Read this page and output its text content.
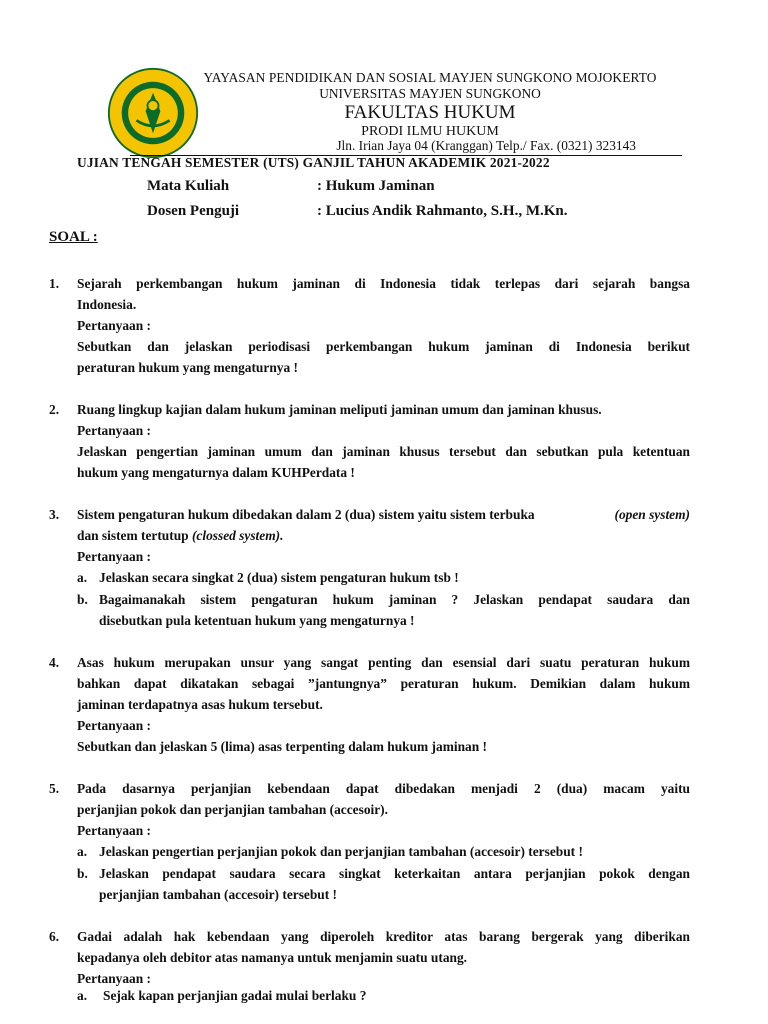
YAYASAN PENDIDIKAN DAN SOSIAL MAYJEN SUNGKONO MOJOKERTO
UNIVERSITAS MAYJEN SUNGKONO
FAKULTAS HUKUM
PRODI ILMU HUKUM
Jln. Irian Jaya 04 (Kranggan) Telp./ Fax. (0321) 323143
UJIAN TENGAH SEMESTER (UTS) GANJIL TAHUN AKADEMIK 2021-2022
Mata Kuliah	: Hukum Jaminan
Dosen Penguji	: Lucius Andik Rahmanto, S.H., M.Kn.
SOAL :
1. Sejarah perkembangan hukum jaminan di Indonesia tidak terlepas dari sejarah bangsa
Indonesia.
Pertanyaan :
Sebutkan dan jelaskan periodisasi perkembangan hukum jaminan di Indonesia berikut
peraturan hukum yang mengaturnya !
2. Ruang lingkup kajian dalam hukum jaminan meliputi jaminan umum dan jaminan khusus.
Pertanyaan :
Jelaskan pengertian jaminan umum dan jaminan khusus tersebut dan sebutkan pula ketentuan
hukum yang mengaturnya dalam KUHPerdata !
3. Sistem pengaturan hukum dibedakan dalam 2 (dua) sistem yaitu sistem terbuka	(open system)
dan sistem tertutup (clossed system).
Pertanyaan :
a. Jelaskan secara singkat 2 (dua) sistem pengaturan hukum tsb !
b. Bagaimanakah sistem pengaturan hukum jaminan ? Jelaskan pendapat saudara dan
disebutkan pula ketentuan hukum yang mengaturnya !
4. Asas hukum merupakan unsur yang sangat penting dan esensial dari suatu peraturan hukum
bahkan dapat dikatakan sebagai ”jantungnya” peraturan hukum. Demikian dalam hukum
jaminan terdapatnya asas hukum tersebut.
Pertanyaan :
Sebutkan dan jelaskan 5 (lima) asas terpenting dalam hukum jaminan !
5. Pada dasarnya perjanjian kebendaan dapat dibedakan menjadi 2 (dua) macam yaitu
perjanjian pokok dan perjanjian tambahan (accesoir).
Pertanyaan :
a. Jelaskan pengertian perjanjian pokok dan perjanjian tambahan (accesoir) tersebut !
b. Jelaskan pendapat saudara secara singkat keterkaitan antara perjanjian pokok dengan
perjanjian tambahan (accesoir) tersebut !
6. Gadai adalah hak kebendaan yang diperoleh kreditor atas barang bergerak yang diberikan
kepadanya oleh debitor atas namanya untuk menjamin suatu utang.
Pertanyaan :
a. Sejak kapan perjanjian gadai mulai berlaku ?
